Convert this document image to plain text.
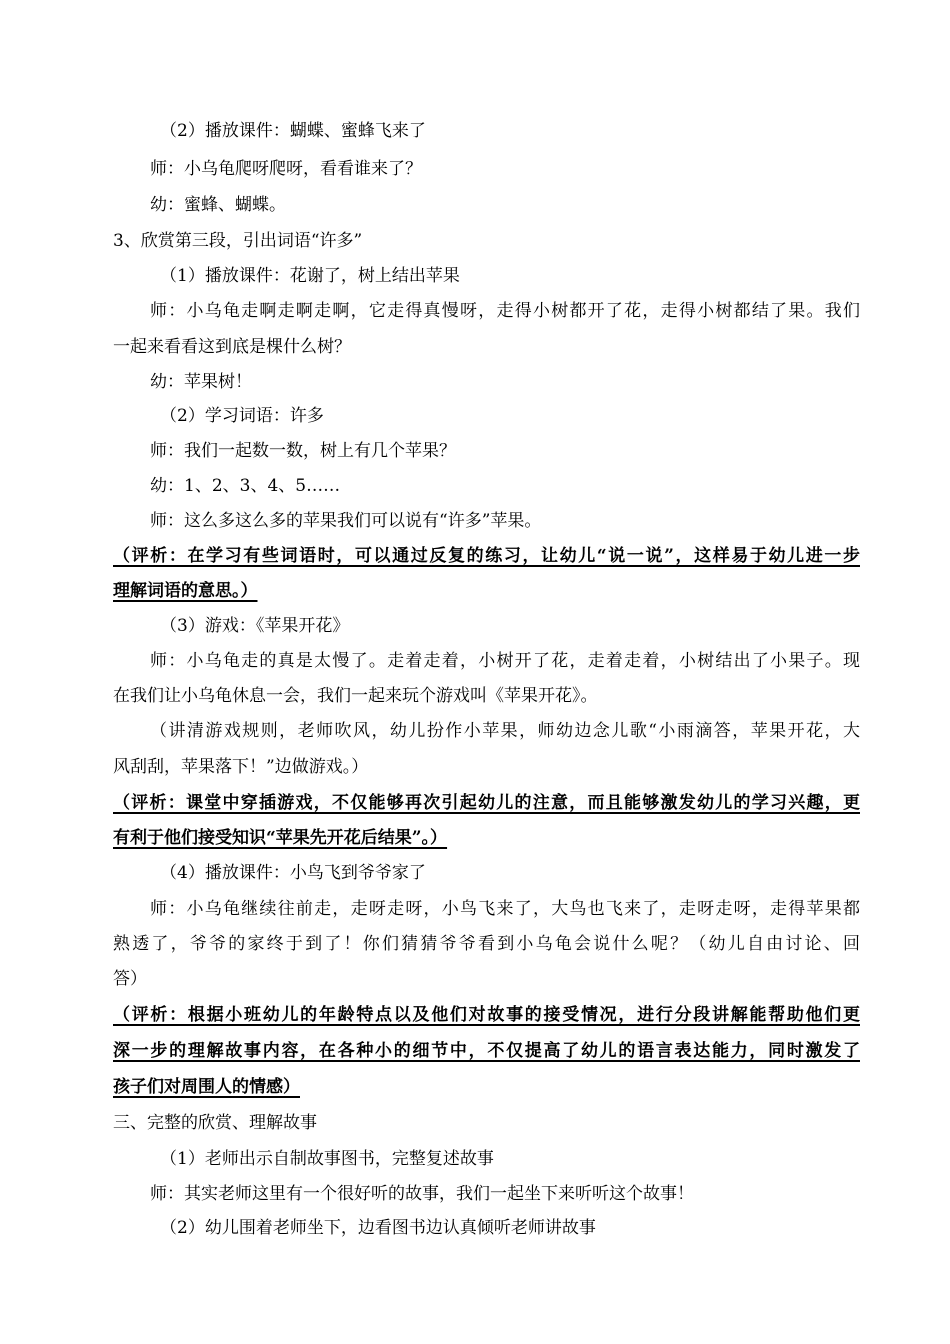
（2）播放课件：蝴蝶、蜜蜂飞来了
师：小乌龟爬呀爬呀，看看谁来了？
幼：蜜蜂、蝴蝶。
3、欣赏第三段，引出词语“许多”
（1）播放课件：花谢了，树上结出苹果
师：小乌龟走啊走啊走啊，它走得真慢呀，走得小树都开了花，走得小树都结了果。我们
一起来看看这到底是棵什么树？
幼：苹果树！
（2）学习词语：许多
师：我们一起数一数，树上有几个苹果？
幼：1、2、3、4、5……
师：这么多这么多的苹果我们可以说有“许多”苹果。
（评析：在学习有些词语时，可以通过反复的练习，让幼儿“说一说”，这样易于幼儿进一步
理解词语的意思。）
（3）游戏：《苹果开花》
师：小乌龟走的真是太慢了。走着走着，小树开了花，走着走着，小树结出了小果子。现
在我们让小乌龟休息一会，我们一起来玩个游戏叫《苹果开花》。
（讲清游戏规则，老师吹风，幼儿扮作小苹果，师幼边念儿歌“小雨滴答，苹果开花，大
风刮刮，苹果落下！”边做游戏。）
（评析：课堂中穿插游戏，不仅能够再次引起幼儿的注意，而且能够激发幼儿的学习兴趣，更
有利于他们接受知识“苹果先开花后结果”。）
（4）播放课件：小鸟飞到爷爷家了
师：小乌龟继续往前走，走呀走呀，小鸟飞来了，大鸟也飞来了，走呀走呀，走得苹果都
熟透了，爷爷的家终于到了！你们猜猜爷爷看到小乌龟会说什么呢？（幼儿自由讨论、回
答）
（评析：根据小班幼儿的年龄特点以及他们对故事的接受情况，进行分段讲解能帮助他们更
深一步的理解故事内容，在各种小的细节中，不仅提高了幼儿的语言表达能力，同时激发了
孩子们对周围人的情感）
三、完整的欣赏、理解故事
（1）老师出示自制故事图书，完整复述故事
师：其实老师这里有一个很好听的故事，我们一起坐下来听听这个故事！
（2）幼儿围着老师坐下，边看图书边认真倾听老师讲故事
